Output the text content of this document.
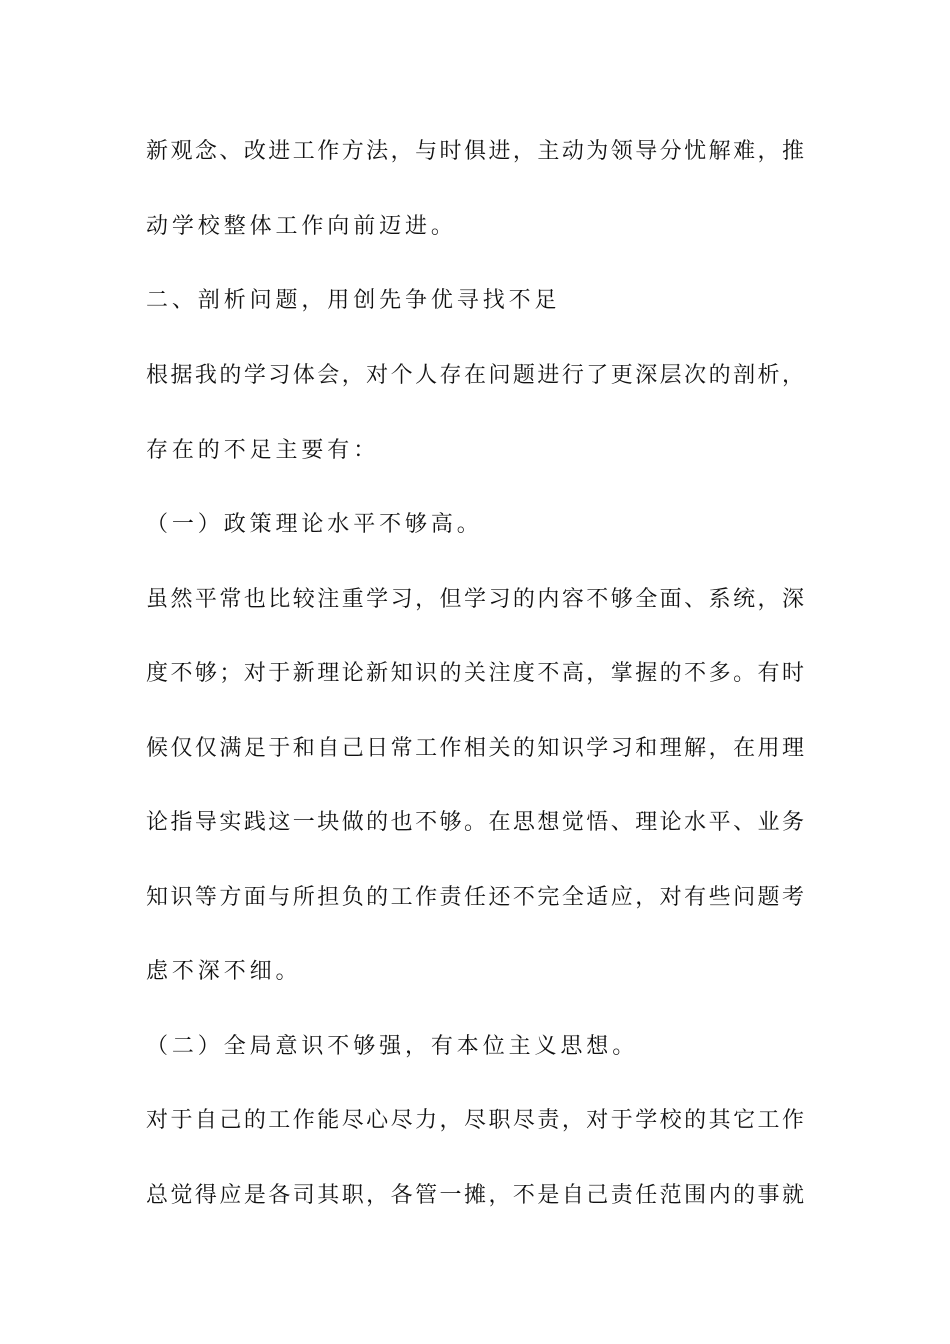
新观念、改进工作方法，与时俱进，主动为领导分忧解难，推
动学校整体工作向前迈进。
二、剖析问题，用创先争优寻找不足
根据我的学习体会，对个人存在问题进行了更深层次的剖析，
存在的不足主要有：
（一）政策理论水平不够高。
虽然平常也比较注重学习，但学习的内容不够全面、系统，深
度不够；对于新理论新知识的关注度不高，掌握的不多。有时
候仅仅满足于和自己日常工作相关的知识学习和理解，在用理
论指导实践这一块做的也不够。在思想觉悟、理论水平、业务
知识等方面与所担负的工作责任还不完全适应，对有些问题考
虑不深不细。
（二）全局意识不够强，有本位主义思想。
对于自己的工作能尽心尽力，尽职尽责，对于学校的其它工作
总觉得应是各司其职，各管一摊，不是自己责任范围内的事就
